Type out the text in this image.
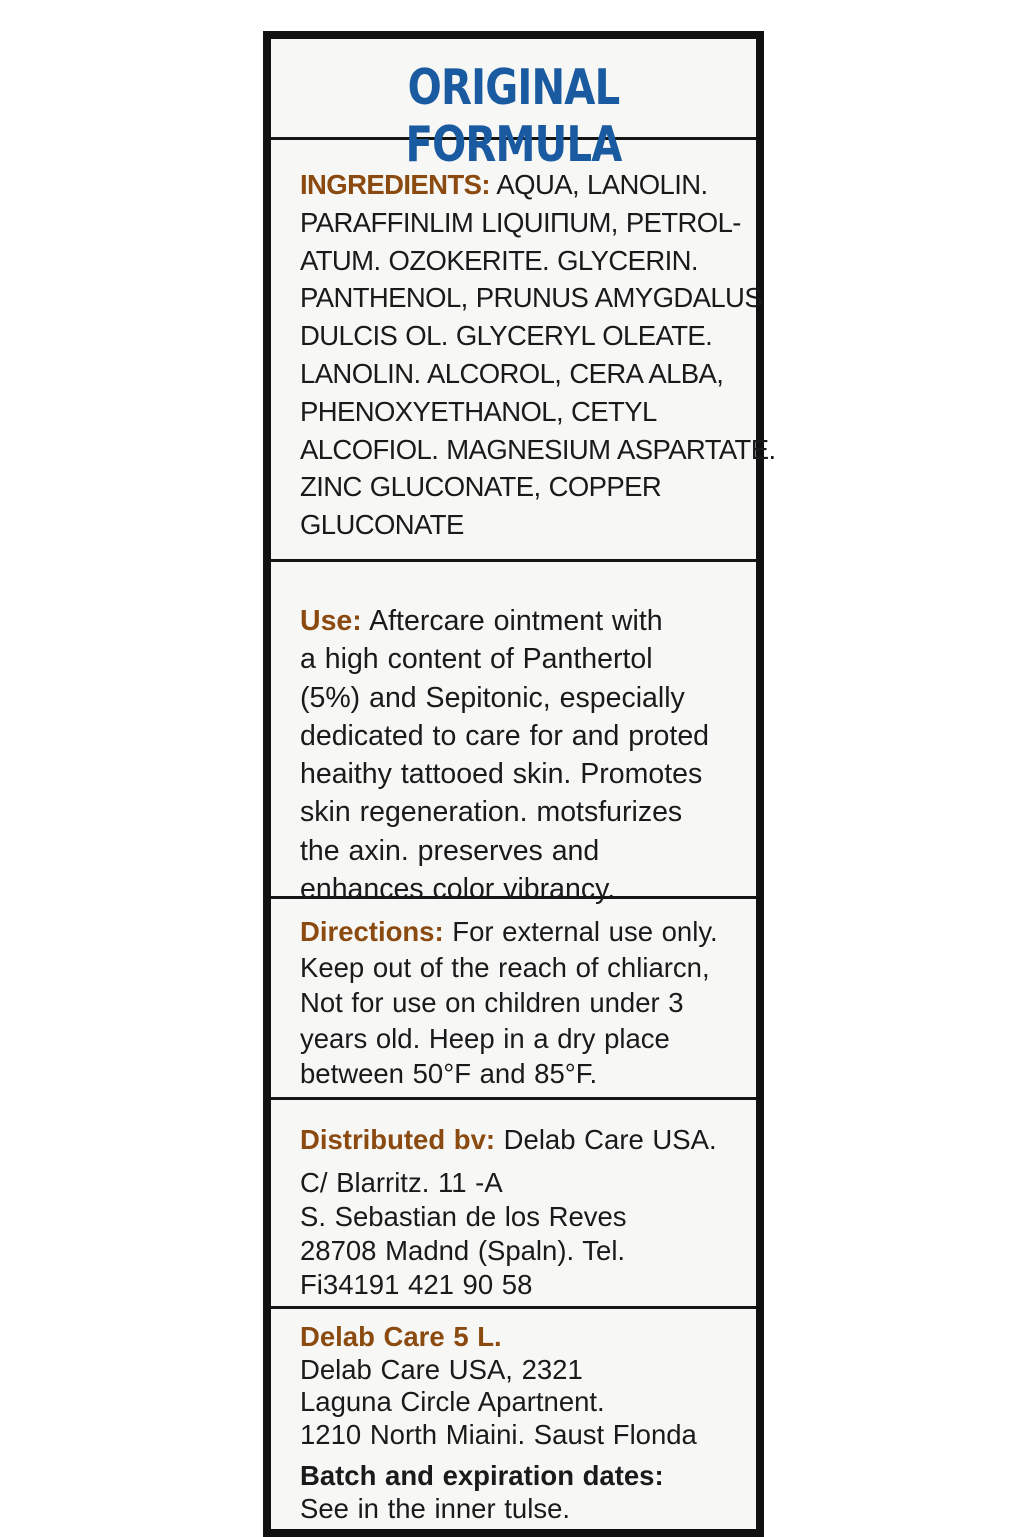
ORIGINAL FORMULA
INGREDIENTS: AQUA, LANOLIN.
PARAFFINLIM LIQUIПUM, PETROL-
ATUM. OZOKERITE. GLYCERIN.
PANTHENOL, PRUNUS AMYGDALUS
DULCIS OL. GLYCERYL OLEATE.
LANOLIN. ALCOROL, CERA ALBA,
PHENOXYETHANOL, CETYL
ALCOFIOL. MAGNESIUM ASPARTATE.
ZINC GLUCONATE, COPPER
GLUCONATE
Use: Aftercare ointment with
a high content of Panthertol
(5%) and Sepitonic, especially
dedicated to care for and proted
heaithy tattooed skin. Promotes
skin regeneration. motsfurizes
the axin. preserves and
enhances color vibrancy.
Directions: For external use only.
Keep out of the reach of chliarcn,
Not for use on children under 3
years old. Heep in a dry place
between 50°F and 85°F.
Distributed bv: Delab Care USA.
C/ Blarritz. 11 -A
S. Sebastian de los Reves
28708 Madnd (Spaln). Tel.
Fi34191 421 90 58
Delab Care 5 L.
Delab Care USA, 2321
Laguna Circle Apartnent.
1210 North Miaini. Saust Flonda
Batch and expiration dates:
See in the inner tulse.
